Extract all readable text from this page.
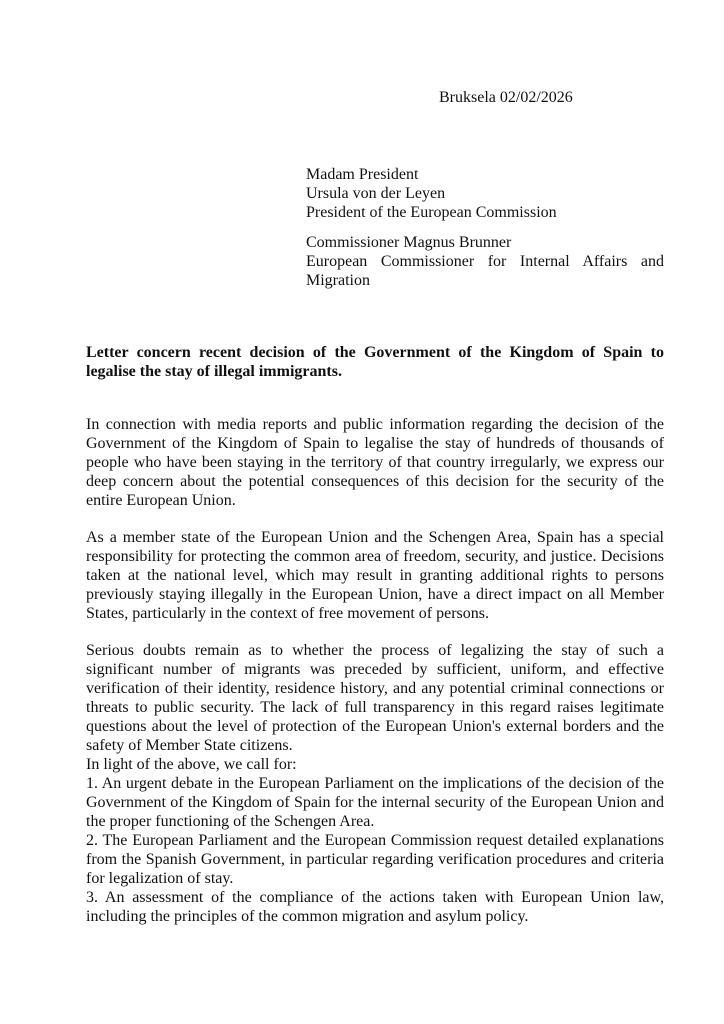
Bruksela 02/02/2026
Madam President
Ursula von der Leyen
President of the European Commission
Commissioner Magnus Brunner
European Commissioner for Internal Affairs and Migration
Letter concern recent decision of the Government of the Kingdom of Spain to legalise the stay of illegal immigrants.
In connection with media reports and public information regarding the decision of the Government of the Kingdom of Spain to legalise the stay of hundreds of thousands of people who have been staying in the territory of that country irregularly, we express our deep concern about the potential consequences of this decision for the security of the entire European Union.
As a member state of the European Union and the Schengen Area, Spain has a special responsibility for protecting the common area of freedom, security, and justice. Decisions taken at the national level, which may result in granting additional rights to persons previously staying illegally in the European Union, have a direct impact on all Member States, particularly in the context of free movement of persons.
Serious doubts remain as to whether the process of legalizing the stay of such a significant number of migrants was preceded by sufficient, uniform, and effective verification of their identity, residence history, and any potential criminal connections or threats to public security. The lack of full transparency in this regard raises legitimate questions about the level of protection of the European Union's external borders and the safety of Member State citizens.
In light of the above, we call for:
1. An urgent debate in the European Parliament on the implications of the decision of the Government of the Kingdom of Spain for the internal security of the European Union and the proper functioning of the Schengen Area.
2. The European Parliament and the European Commission request detailed explanations from the Spanish Government, in particular regarding verification procedures and criteria for legalization of stay.
3. An assessment of the compliance of the actions taken with European Union law, including the principles of the common migration and asylum policy.
